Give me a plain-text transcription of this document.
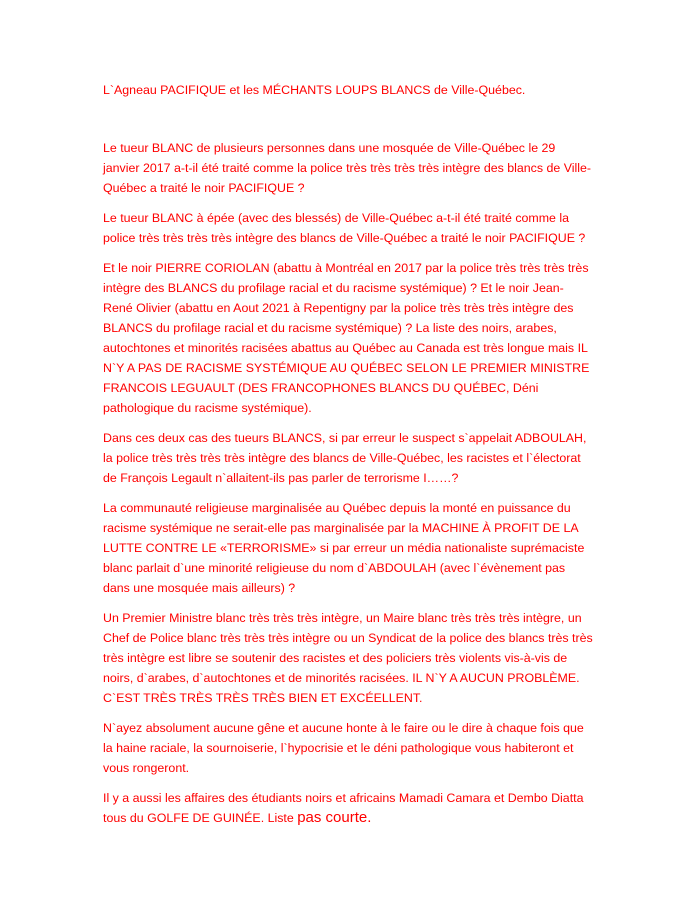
L`Agneau PACIFIQUE et les MÉCHANTS LOUPS BLANCS de Ville-Québec.

Le tueur BLANC de plusieurs personnes dans une mosquée de Ville-Québec le 29 janvier 2017 a-t-il été traité comme la police très très très très intègre des blancs de Ville-Québec a traité le noir PACIFIQUE ?

Le tueur BLANC à épée (avec des blessés) de Ville-Québec a-t-il été traité comme la police très très très très intègre des blancs de Ville-Québec a traité le noir PACIFIQUE ?

Et le noir PIERRE CORIOLAN (abattu à Montréal en 2017 par la police très très très très intègre des BLANCS du profilage racial et du racisme systémique) ? Et le noir Jean-René Olivier (abattu en Aout 2021 à Repentigny par la police très très très intègre des BLANCS du profilage racial et du racisme systémique) ? La liste des noirs, arabes, autochtones et minorités racisées abattus au Québec au Canada est très longue mais IL N`Y A PAS DE RACISME SYSTÉMIQUE AU QUÉBEC SELON LE PREMIER MINISTRE FRANCOIS LEGUAULT (DES FRANCOPHONES BLANCS DU QUÉBEC, Déni pathologique du racisme systémique).

Dans ces deux cas des tueurs BLANCS, si par erreur le suspect s`appelait ADBOULAH, la police très très très très intègre des blancs de Ville-Québec, les racistes et l`électorat de François Legault n`allaitent-ils pas parler de terrorisme I……?

La communauté religieuse marginalisée au Québec depuis la monté en puissance du racisme systémique ne serait-elle pas marginalisée par la MACHINE À PROFIT DE LA LUTTE CONTRE LE «TERRORISME» si par erreur un média nationaliste suprémaciste blanc parlait d`une minorité religieuse du nom d`ABDOULAH (avec l`évènement pas dans une mosquée mais ailleurs) ?

Un Premier Ministre blanc très très très intègre, un Maire blanc très très très intègre, un Chef de Police blanc très très très intègre ou un Syndicat de la police des blancs très très très intègre est libre se soutenir des racistes et des policiers très violents vis-à-vis de noirs, d`arabes, d`autochtones et de minorités racisées. IL N`Y A AUCUN PROBLÈME. C`EST TRÈS TRÈS TRÈS TRÈS BIEN ET EXCÉELLENT.

N`ayez absolument aucune gêne et aucune honte à le faire ou le dire à chaque fois que la haine raciale, la sournoiserie, l`hypocrisie et le déni pathologique vous habiteront et vous rongeront.

Il y a aussi les affaires des étudiants noirs et africains Mamadi Camara et Dembo Diatta tous du GOLFE DE GUINÉE. Liste pas courte.
